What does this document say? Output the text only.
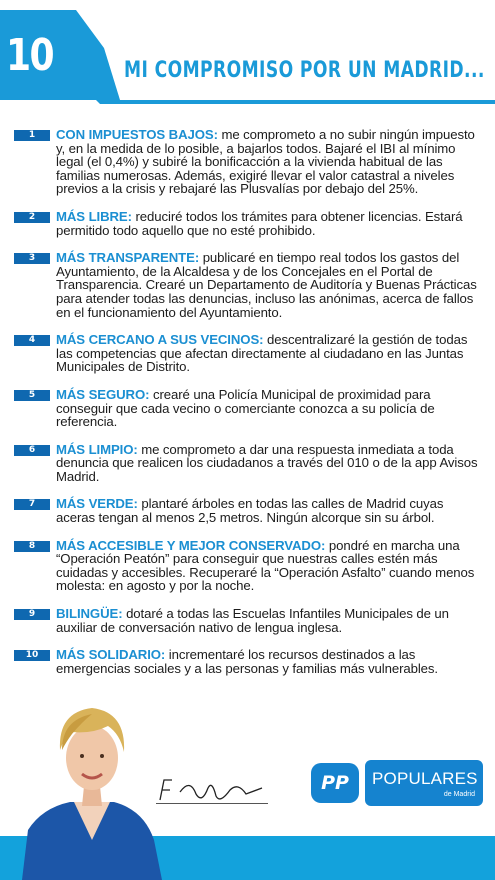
10	MI COMPROMISO POR UN MADRID...
1	CON IMPUESTOS BAJOS: me comprometo a no subir ningún impuesto y, en la medida de lo posible, a bajarlos todos. Bajaré el IBI al mínimo legal (el 0,4%) y subiré la bonificacción a la vivienda habitual de las familias numerosas. Además, exigiré llevar el valor catastral a niveles previos a la crisis y rebajaré las Plusvalías por debajo del 25%.
2	MÁS LIBRE: reduciré todos los trámites para obtener licencias. Estará permitido todo aquello que no esté prohibido.
3	MÁS TRANSPARENTE: publicaré en tiempo real todos los gastos del Ayuntamiento, de la Alcaldesa y de los Concejales en el Portal de Transparencia. Crearé un Departamento de Auditoría y Buenas Prácticas para atender todas las denuncias, incluso las anónimas, acerca de fallos en el funcionamiento del Ayuntamiento.
4	MÁS CERCANO A SUS VECINOS: descentralizaré la gestión de todas las competencias que afectan directamente al ciudadano en las Juntas Municipales de Distrito.
5	MÁS SEGURO: crearé una Policía Municipal de proximidad para conseguir que cada vecino o comerciante conozca a su policía de referencia.
6	MÁS LIMPIO: me comprometo a dar una respuesta inmediata a toda denuncia que realicen los ciudadanos a través del 010 o de la app Avisos Madrid.
7	MÁS VERDE: plantaré árboles en todas las calles de Madrid cuyas aceras tengan al menos 2,5 metros. Ningún alcorque sin su árbol.
8	MÁS ACCESIBLE Y MEJOR CONSERVADO: pondré en marcha una “Operación Peatón” para conseguir que nuestras calles estén más cuidadas y accesibles. Recuperaré la “Operación Asfalto” cuando menos molesta: en agosto y por la noche.
9	BILINGÜE: dotaré a todas las Escuelas Infantiles Municipales de un auxiliar de conversación nativo de lengua inglesa.
10	MÁS SOLIDARIO: incrementaré los recursos destinados a las emergencias sociales y a las personas y familias más vulnerables.
PP	POPULARES
de Madrid
